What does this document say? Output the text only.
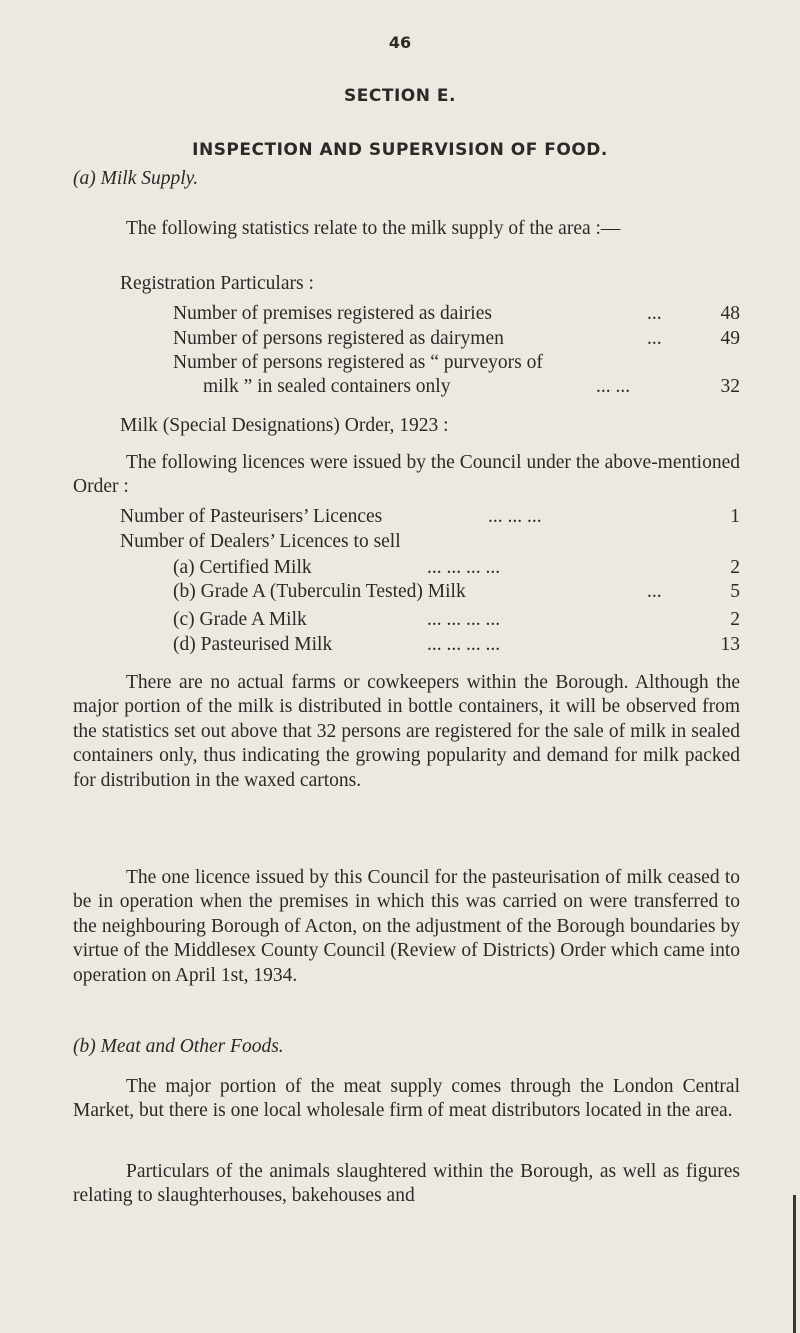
46
SECTION E.
INSPECTION AND SUPERVISION OF FOOD.
(a) Milk Supply.
The following statistics relate to the milk supply of the area :—
Registration Particulars :
Number of premises registered as dairies	...	48
Number of persons registered as dairymen	...	49
Number of persons registered as “ purveyors of
milk ” in sealed containers only	... ...	32
Milk (Special Designations) Order, 1923 :
The following licences were issued by the Council under the above-mentioned Order :
Number of Pasteurisers’ Licences	... ... ...	1
Number of Dealers’ Licences to sell
(a) Certified Milk	... ... ... ...	2
(b) Grade A (Tuberculin Tested) Milk	...	5
(c) Grade A Milk	... ... ... ...	2
(d) Pasteurised Milk	... ... ... ...	13
There are no actual farms or cowkeepers within the Borough. Although the major portion of the milk is distributed in bottle containers, it will be observed from the statistics set out above that 32 persons are registered for the sale of milk in sealed containers only, thus indicating the growing popularity and demand for milk packed for distribution in the waxed cartons.
The one licence issued by this Council for the pasteurisation of milk ceased to be in operation when the premises in which this was carried on were transferred to the neighbouring Borough of Acton, on the adjustment of the Borough boundaries by virtue of the Middlesex County Council (Review of Districts) Order which came into operation on April 1st, 1934.
(b) Meat and Other Foods.
The major portion of the meat supply comes through the London Central Market, but there is one local wholesale firm of meat distributors located in the area.
Particulars of the animals slaughtered within the Borough, as well as figures relating to slaughterhouses, bakehouses and
